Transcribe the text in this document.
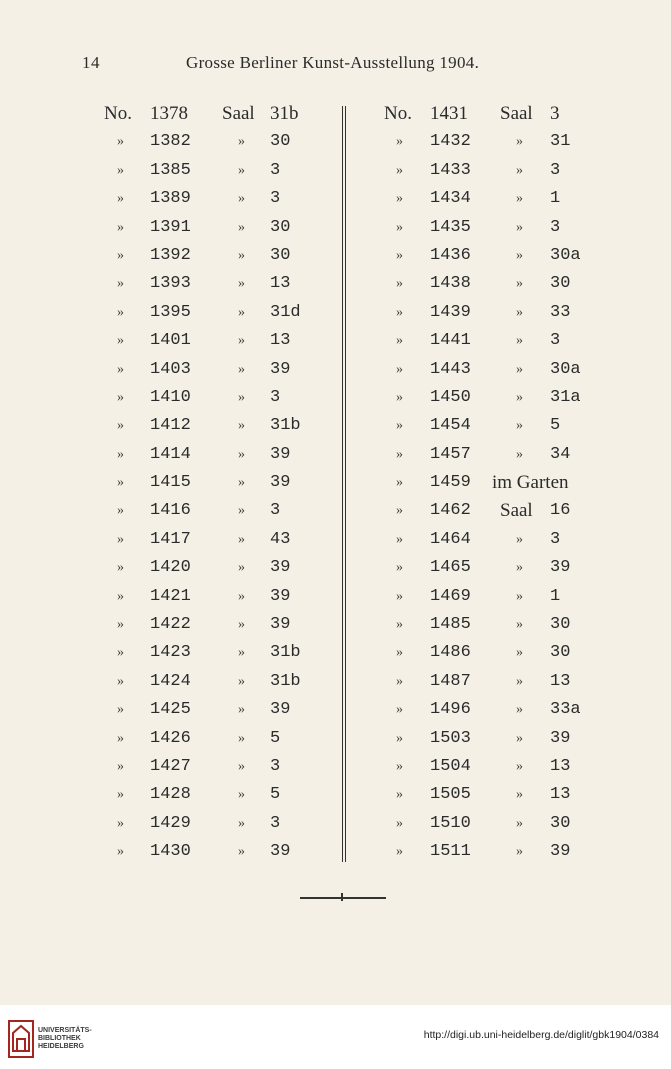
14	Grosse Berliner Kunst-Ausstellung 1904.
No. 1378 Saal 31b
» 1382	» 30
» 1385	» 3
» 1389	» 3
» 1391	» 30
» 1392	» 30
» 1393	» 13
» 1395	» 31d
» 1401	» 13
» 1403	» 39
» 1410	» 3
» 1412	» 31b
» 1414	» 39
» 1415	» 39
» 1416	» 3
» 1417	» 43
» 1420	» 39
» 1421	» 39
» 1422	» 39
» 1423	» 31b
» 1424	» 31b
» 1425	» 39
» 1426	» 5
» 1427	» 3
» 1428	» 5
» 1429	» 3
» 1430	» 39
No. 1431 Saal 3
» 1432	» 31
» 1433	» 3
» 1434	» 1
» 1435	» 3
» 1436	» 30a
» 1438	» 30
» 1439	» 33
» 1441	» 3
» 1443	» 30a
» 1450	» 31a
» 1454	» 5
» 1457	» 34
» 1459 im Garten
» 1462 Saal 16
» 1464	» 3
» 1465	» 39
» 1469	» 1
» 1485	» 30
» 1486	» 30
» 1487	» 13
» 1496	» 33a
» 1503	» 39
» 1504	» 13
» 1505	» 13
» 1510	» 30
» 1511	» 39
UNIVERSITÄTS-
BIBLIOTHEK
HEIDELBERG
http://digi.ub.uni-heidelberg.de/diglit/gbk1904/0384
